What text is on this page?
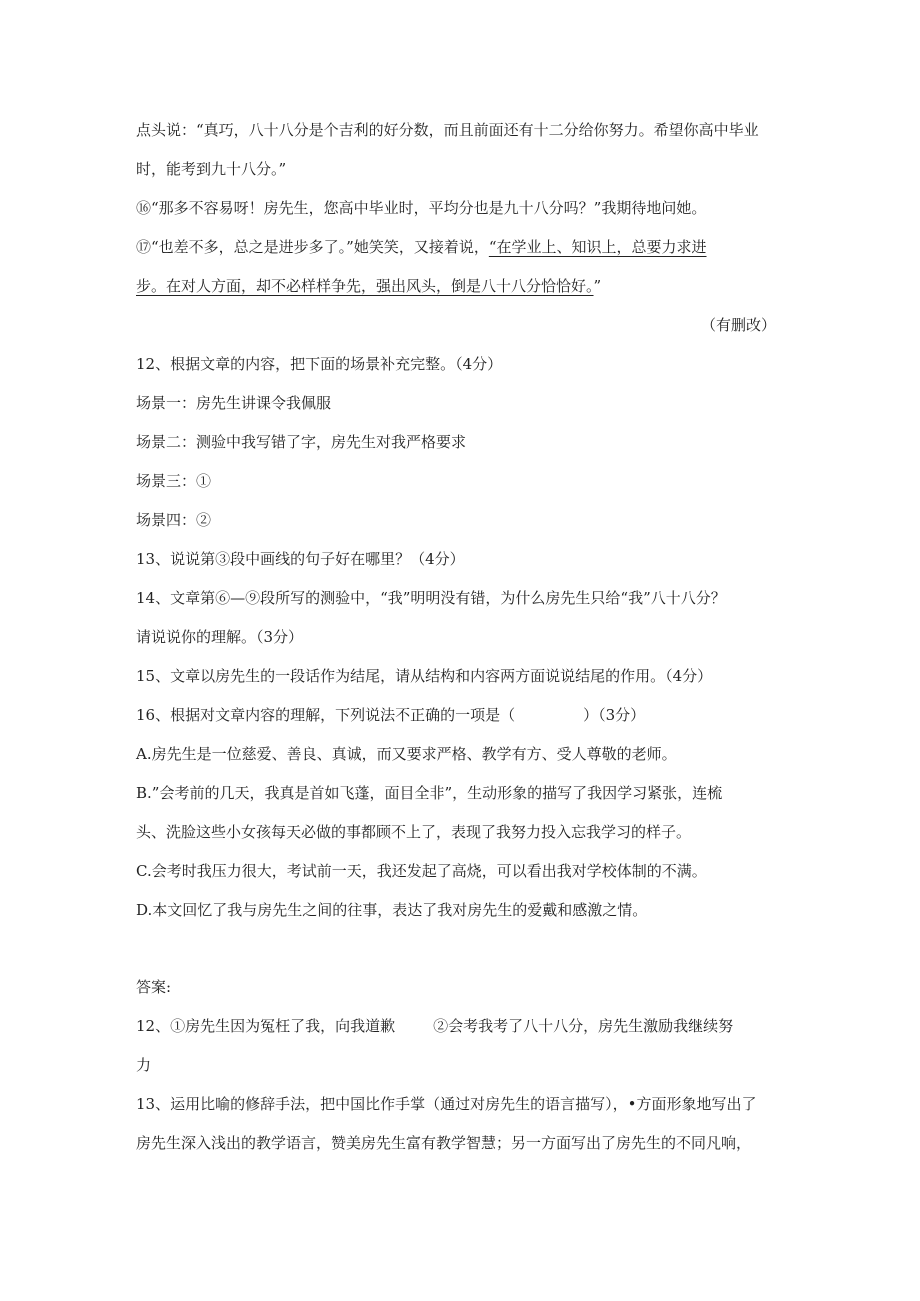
点头说：“真巧，八十八分是个吉利的好分数，而且前面还有十二分给你努力。希望你高中毕业
时，能考到九十八分。”
⑯“那多不容易呀！房先生，您高中毕业时，平均分也是九十八分吗？”我期待地问她。
⑰“也差不多，总之是进步多了。”她笑笑，又接着说，“在学业上、知识上，总要力求进
步。在对人方面，却不必样样争先，强出风头，倒是八十八分恰恰好。”
（有删改）
12、根据文章的内容，把下面的场景补充完整。（4分）
场景一：房先生讲课令我佩服
场景二：测验中我写错了字，房先生对我严格要求
场景三：①
场景四：②
13、说说第③段中画线的句子好在哪里？（4分）
14、文章第⑥—⑨段所写的测验中，“我”明明没有错，为什么房先生只给“我”八十八分？
请说说你的理解。（3分）
15、文章以房先生的一段话作为结尾，请从结构和内容两方面说说结尾的作用。（4分）
16、根据对文章内容的理解，下列说法不正确的一项是（	）（3分）
A.房先生是一位慈爱、善良、真诚，而又要求严格、教学有方、受人尊敬的老师。
B.”会考前的几天，我真是首如飞蓬，面目全非”，生动形象的描写了我因学习紧张，连梳
头、洗脸这些小女孩每天必做的事都顾不上了，表现了我努力投入忘我学习的样子。
C.会考时我压力很大，考试前一天，我还发起了高烧，可以看出我对学校体制的不满。
D.本文回忆了我与房先生之间的往事，表达了我对房先生的爱戴和感激之情。
答案:
12、①房先生因为冤枉了我，向我道歉	②会考我考了八十八分，房先生激励我继续努
力
13、运用比喻的修辞手法，把中国比作手掌（通过对房先生的语言描写），•方面形象地写出了
房先生深入浅出的教学语言，赞美房先生富有教学智慧；另一方面写出了房先生的不同凡响，
